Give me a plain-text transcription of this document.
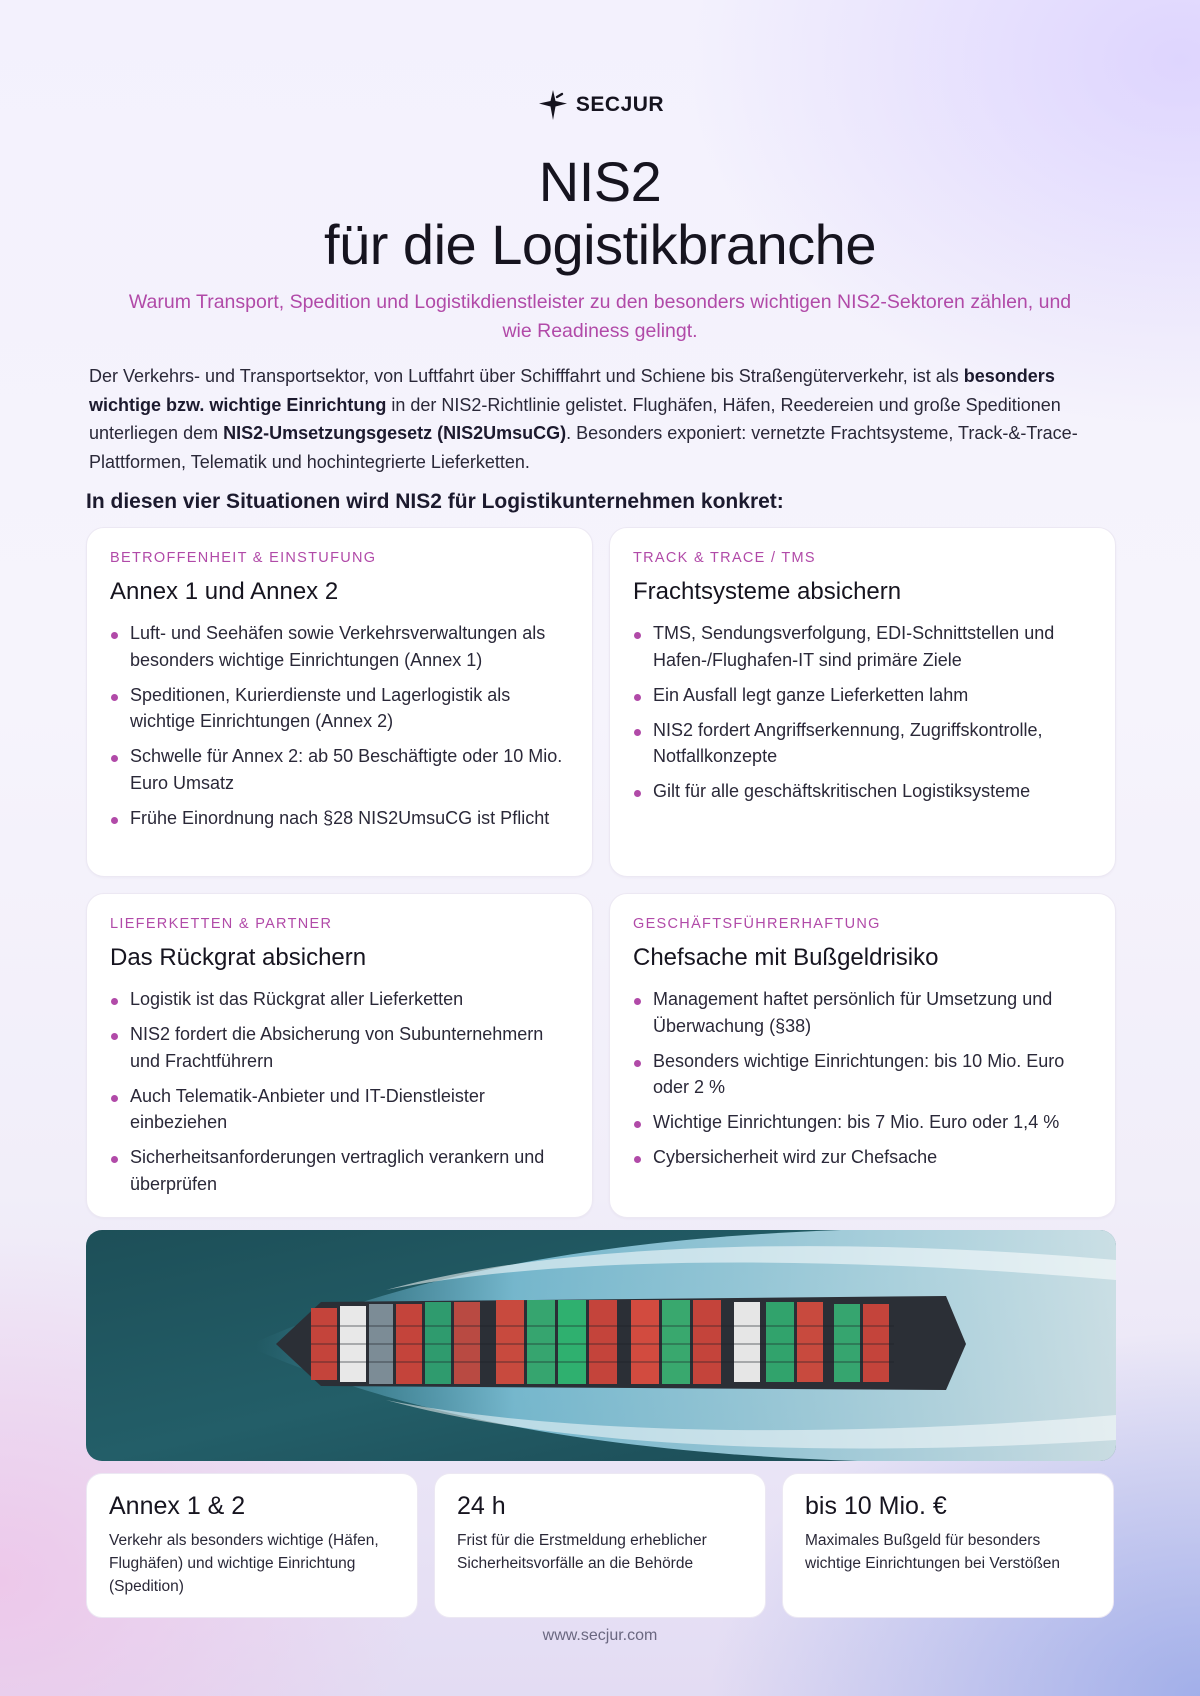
SECJUR
NIS2
für die Logistikbranche

Warum Transport, Spedition und Logistikdienstleister zu den besonders wichtigen NIS2-Sektoren zählen, und wie Readiness gelingt.

Der Verkehrs- und Transportsektor, von Luftfahrt über Schifffahrt und Schiene bis Straßengüterverkehr, ist als besonders wichtige bzw. wichtige Einrichtung in der NIS2-Richtlinie gelistet. Flughäfen, Häfen, Reedereien und große Speditionen unterliegen dem NIS2-Umsetzungsgesetz (NIS2UmsuCG). Besonders exponiert: vernetzte Frachtsysteme, Track-&-Trace-Plattformen, Telematik und hochintegrierte Lieferketten.

In diesen vier Situationen wird NIS2 für Logistikunternehmen konkret:
BETROFFENHEIT & EINSTUFUNG
Annex 1 und Annex 2
Luft- und Seehäfen sowie Verkehrsverwaltungen als besonders wichtige Einrichtungen (Annex 1)
Speditionen, Kurierdienste und Lagerlogistik als wichtige Einrichtungen (Annex 2)
Schwelle für Annex 2: ab 50 Beschäftigte oder 10 Mio. Euro Umsatz
Frühe Einordnung nach §28 NIS2UmsuCG ist Pflicht
TRACK & TRACE / TMS
Frachtsysteme absichern
TMS, Sendungsverfolgung, EDI-Schnittstellen und Hafen-/Flughafen-IT sind primäre Ziele
Ein Ausfall legt ganze Lieferketten lahm
NIS2 fordert Angriffserkennung, Zugriffskontrolle, Notfallkonzepte
Gilt für alle geschäftskritischen Logistiksysteme
LIEFERKETTEN & PARTNER
Das Rückgrat absichern
Logistik ist das Rückgrat aller Lieferketten
NIS2 fordert die Absicherung von Subunternehmern und Frachtführern
Auch Telematik-Anbieter und IT-Dienstleister einbeziehen
Sicherheitsanforderungen vertraglich verankern und überprüfen
GESCHÄFTSFÜHRERHAFTUNG
Chefsache mit Bußgeldrisiko
Management haftet persönlich für Umsetzung und Überwachung (§38)
Besonders wichtige Einrichtungen: bis 10 Mio. Euro oder 2 %
Wichtige Einrichtungen: bis 7 Mio. Euro oder 1,4 %
Cybersicherheit wird zur Chefsache
Annex 1 & 2
Verkehr als besonders wichtige (Häfen, Flughäfen) und wichtige Einrichtung (Spedition)
24 h
Frist für die Erstmeldung erheblicher Sicherheitsvorfälle an die Behörde
bis 10 Mio. €
Maximales Bußgeld für besonders wichtige Einrichtungen bei Verstößen
www.secjur.com
